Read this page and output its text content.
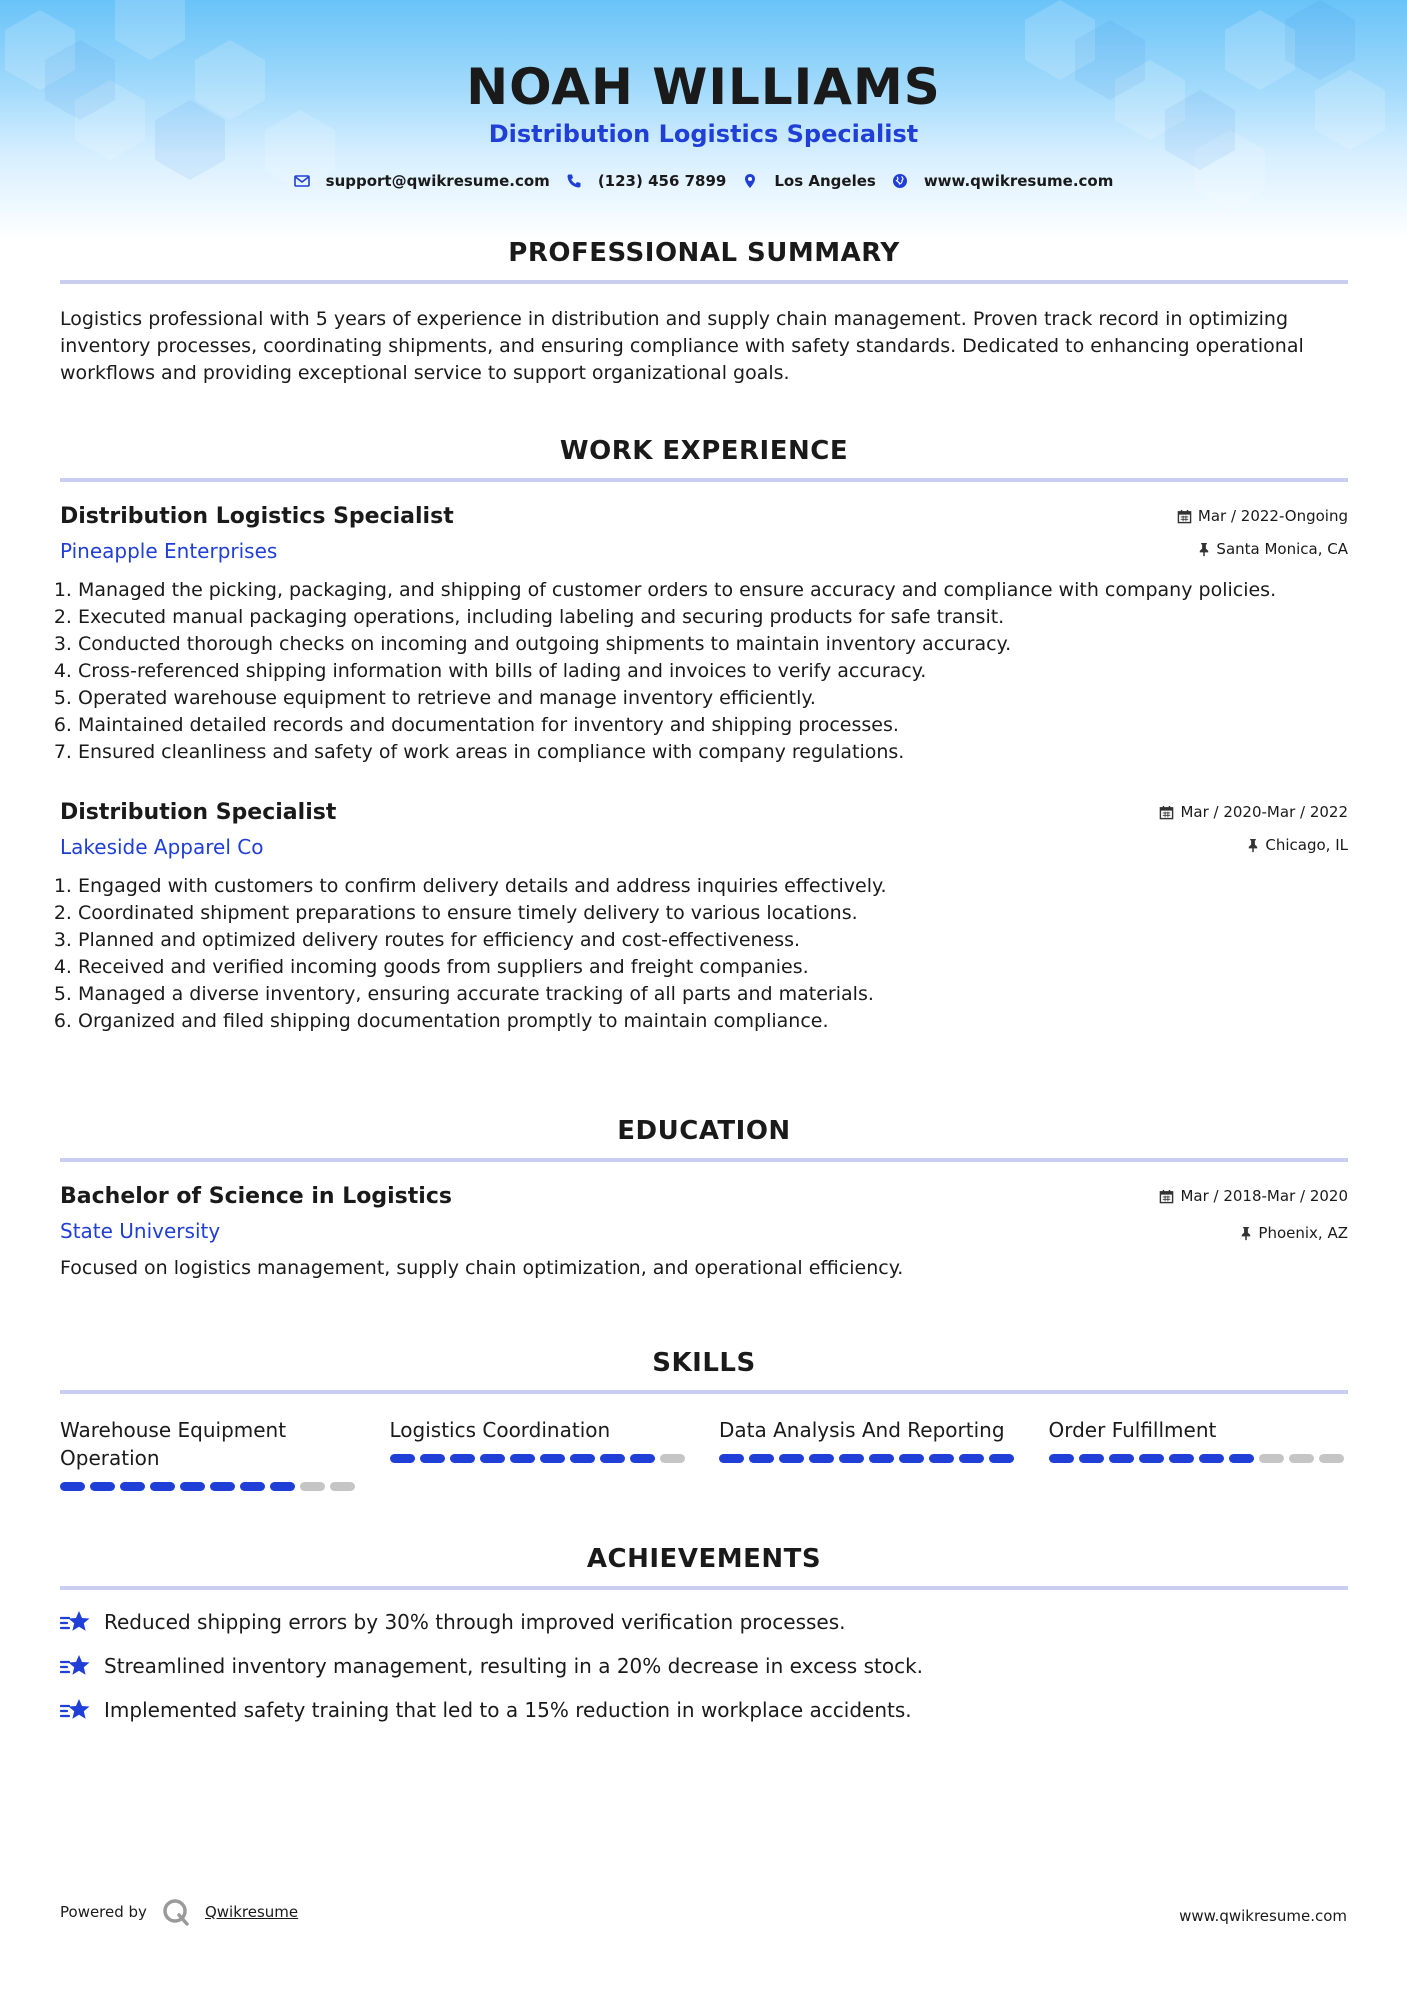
NOAH WILLIAMS
Distribution Logistics Specialist
support@qwikresume.com	(123) 456 7899	Los Angeles	www.qwikresume.com
PROFESSIONAL SUMMARY
Logistics professional with 5 years of experience in distribution and supply chain management. Proven track record in optimizing inventory processes, coordinating shipments, and ensuring compliance with safety standards. Dedicated to enhancing operational workflows and providing exceptional service to support organizational goals.
WORK EXPERIENCE
Distribution Logistics Specialist
Pineapple Enterprises
Mar / 2022-Ongoing
Santa Monica, CA
1. Managed the picking, packaging, and shipping of customer orders to ensure accuracy and compliance with company policies.
2. Executed manual packaging operations, including labeling and securing products for safe transit.
3. Conducted thorough checks on incoming and outgoing shipments to maintain inventory accuracy.
4. Cross-referenced shipping information with bills of lading and invoices to verify accuracy.
5. Operated warehouse equipment to retrieve and manage inventory efficiently.
6. Maintained detailed records and documentation for inventory and shipping processes.
7. Ensured cleanliness and safety of work areas in compliance with company regulations.
Distribution Specialist
Lakeside Apparel Co
Mar / 2020-Mar / 2022
Chicago, IL
1. Engaged with customers to confirm delivery details and address inquiries effectively.
2. Coordinated shipment preparations to ensure timely delivery to various locations.
3. Planned and optimized delivery routes for efficiency and cost-effectiveness.
4. Received and verified incoming goods from suppliers and freight companies.
5. Managed a diverse inventory, ensuring accurate tracking of all parts and materials.
6. Organized and filed shipping documentation promptly to maintain compliance.
EDUCATION
Bachelor of Science in Logistics
State University
Mar / 2018-Mar / 2020
Phoenix, AZ
Focused on logistics management, supply chain optimization, and operational efficiency.
SKILLS
Warehouse Equipment Operation
Logistics Coordination	Data Analysis And Reporting	Order Fulfillment
ACHIEVEMENTS
Reduced shipping errors by 30% through improved verification processes.
Streamlined inventory management, resulting in a 20% decrease in excess stock.
Implemented safety training that led to a 15% reduction in workplace accidents.
Powered by	Qwikresume	www.qwikresume.com
